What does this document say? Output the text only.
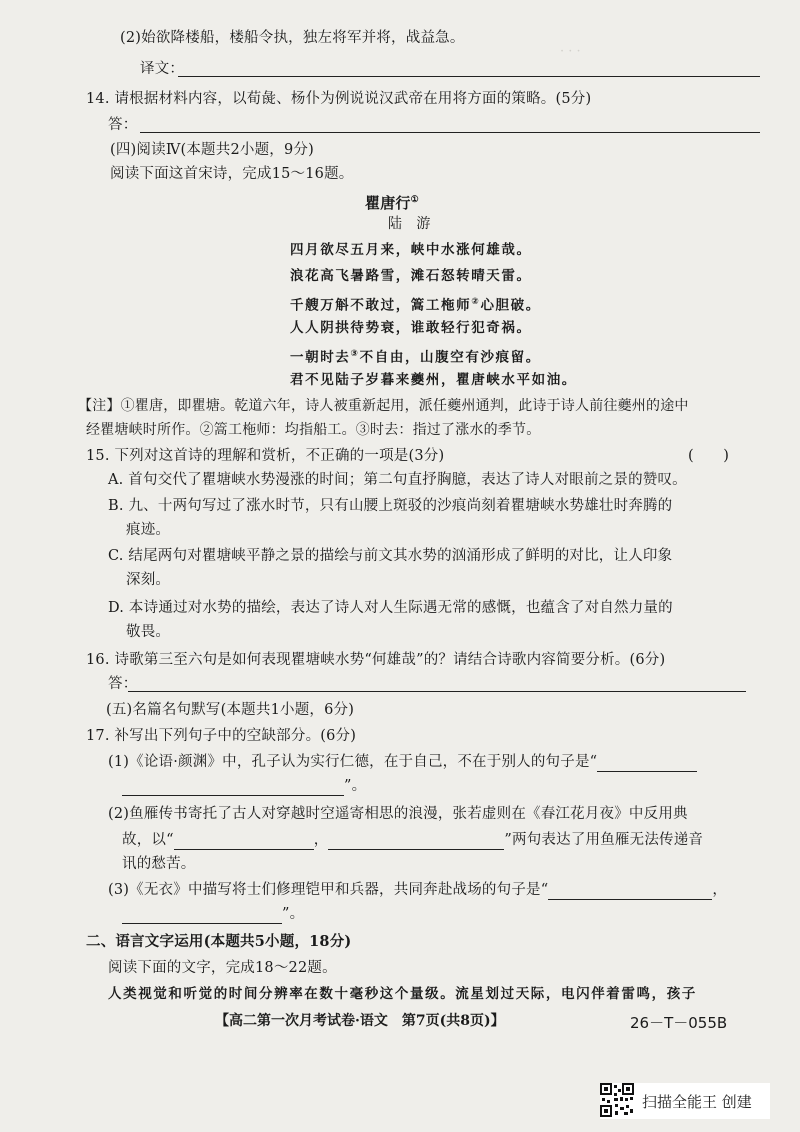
· · ·
(2)始欲降楼船，楼船令执，独左将军并将，战益急。
译文：
14. 请根据材料内容，以荀彘、杨仆为例说说汉武帝在用将方面的策略。(5分)
答：
(四)阅读Ⅳ(本题共2小题，9分)
阅读下面这首宋诗，完成15～16题。
瞿唐行①
陆　游
四月欲尽五月来，峡中水涨何雄哉。
浪花高飞暑路雪，滩石怒转晴天雷。
千艘万斛不敢过，篙工柂师②心胆破。
人人阴拱待势衰，谁敢轻行犯奇祸。
一朝时去③不自由，山腹空有沙痕留。
君不见陆子岁暮来夔州，瞿唐峡水平如油。
【注】①瞿唐，即瞿塘。乾道六年，诗人被重新起用，派任夔州通判，此诗于诗人前往夔州的途中
经瞿塘峡时所作。②篙工柂师：均指船工。③时去：指过了涨水的季节。
15. 下列对这首诗的理解和赏析，不正确的一项是(3分)	(　　)
A. 首句交代了瞿塘峡水势漫涨的时间；第二句直抒胸臆，表达了诗人对眼前之景的赞叹。
B. 九、十两句写过了涨水时节，只有山腰上斑驳的沙痕尚刻着瞿塘峡水势雄壮时奔腾的
痕迹。
C. 结尾两句对瞿塘峡平静之景的描绘与前文其水势的汹涌形成了鲜明的对比，让人印象
深刻。
D. 本诗通过对水势的描绘，表达了诗人对人生际遇无常的感慨，也蕴含了对自然力量的
敬畏。
16. 诗歌第三至六句是如何表现瞿塘峡水势“何雄哉”的？请结合诗歌内容简要分析。(6分)
答：
(五)名篇名句默写(本题共1小题，6分)
17. 补写出下列句子中的空缺部分。(6分)
(1)《论语·颜渊》中，孔子认为实行仁德，在于自己，不在于别人的句子是“
”。
(2)鱼雁传书寄托了古人对穿越时空遥寄相思的浪漫，张若虚则在《春江花月夜》中反用典
故，以“	，	”两句表达了用鱼雁无法传递音
讯的愁苦。
(3)《无衣》中描写将士们修理铠甲和兵器，共同奔赴战场的句子是“	，
”。
二、语言文字运用(本题共5小题，18分)
阅读下面的文字，完成18～22题。
人类视觉和听觉的时间分辨率在数十毫秒这个量级。流星划过天际，电闪伴着雷鸣，孩子
【高二第一次月考试卷·语文　第7页(共8页)】	26－T－055B
扫描全能王 创建
